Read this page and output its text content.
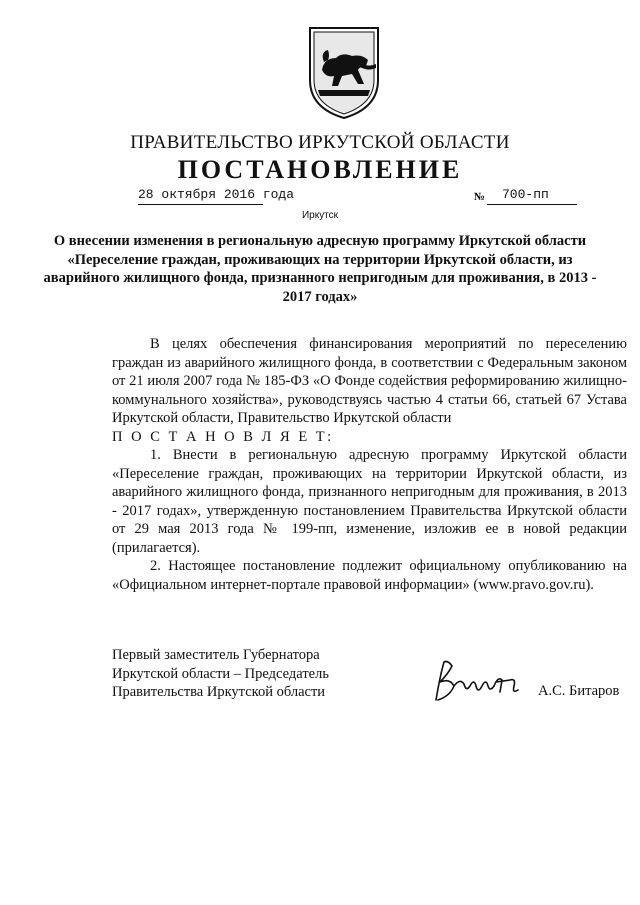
ПРАВИТЕЛЬСТВО ИРКУТСКОЙ ОБЛАСТИ
ПОСТАНОВЛЕНИЕ
28 октября 2016 года	№ 700-пп
Иркутск
О внесении изменения в региональную адресную программу Иркутской области «Переселение граждан, проживающих на территории Иркутской области, из аварийного жилищного фонда, признанного непригодным для проживания, в 2013 - 2017 годах»

В целях обеспечения финансирования мероприятий по переселению граждан из аварийного жилищного фонда, в соответствии с Федеральным законом от 21 июля 2007 года № 185-ФЗ «О Фонде содействия реформированию жилищно-коммунального хозяйства», руководствуясь частью 4 статьи 66, статьей 67 Устава Иркутской области, Правительство Иркутской области

П О С Т А Н О В Л Я Е Т:

1. Внести в региональную адресную программу Иркутской области «Переселение граждан, проживающих на территории Иркутской области, из аварийного жилищного фонда, признанного непригодным для проживания, в 2013 - 2017 годах», утвержденную постановлением Правительства Иркутской области от 29 мая 2013 года № 199-пп, изменение, изложив ее в новой редакции (прилагается).

2. Настоящее постановление подлежит официальному опубликованию на «Официальном интернет-портале правовой информации» (www.pravo.gov.ru).

Первый заместитель Губернатора
Иркутской области – Председатель
Правительства Иркутской области	А.С. Битаров
